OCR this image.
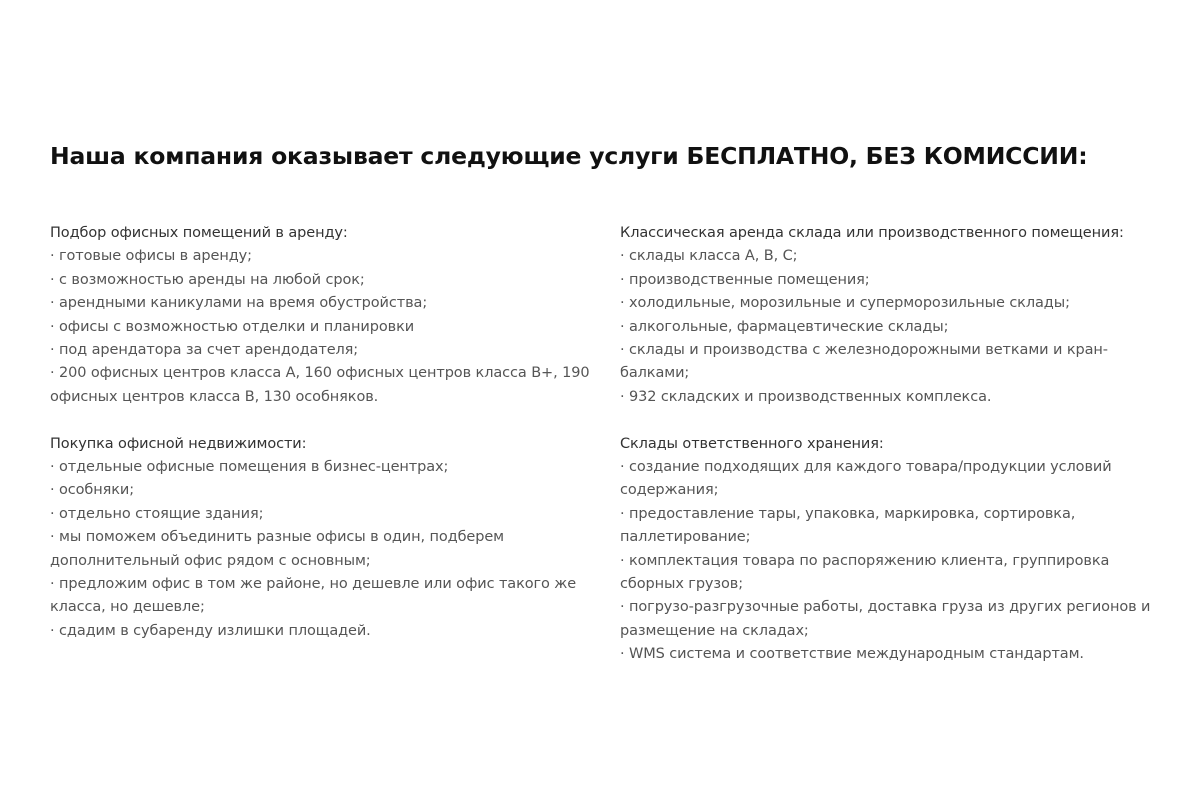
Наша компания оказывает следующие услуги БЕСПЛАТНО, БЕЗ КОМИССИИ:

Подбор офисных помещений в аренду:

· готовые офисы в аренду;
· с возможностью аренды на любой срок;
· арендными каникулами на время обустройства;
· офисы с возможностью отделки и планировки
· под арендатора за счет арендодателя;
· 200 офисных центров класса А, 160 офисных центров класса B+, 190 офисных центров класса B, 130 особняков.

Покупка офисной недвижимости:

· отдельные офисные помещения в бизнес-центрах;
· особняки;
· отдельно стоящие здания;
· мы поможем объединить разные офисы в один, подберем дополнительный офис рядом с основным;
· предложим офис в том же районе, но дешевле или офис такого же класса, но дешевле;
· сдадим в субаренду излишки площадей.

Классическая аренда склада или производственного помещения:

· склады класса А, В, С;
· производственные помещения;
· холодильные, морозильные и суперморозильные склады;
· алкогольные, фармацевтические склады;
· склады и производства с железнодорожными ветками и кран-балками;
· 932 складских и производственных комплекса.

Склады ответственного хранения:

· создание подходящих для каждого товара/продукции условий содержания;
· предоставление тары, упаковка, маркировка, сортировка, паллетирование;
· комплектация товара по распоряжению клиента, группировка сборных грузов;
· погрузо-разгрузочные работы, доставка груза из других регионов и размещение на складах;
· WMS система и соответствие международным стандартам.
